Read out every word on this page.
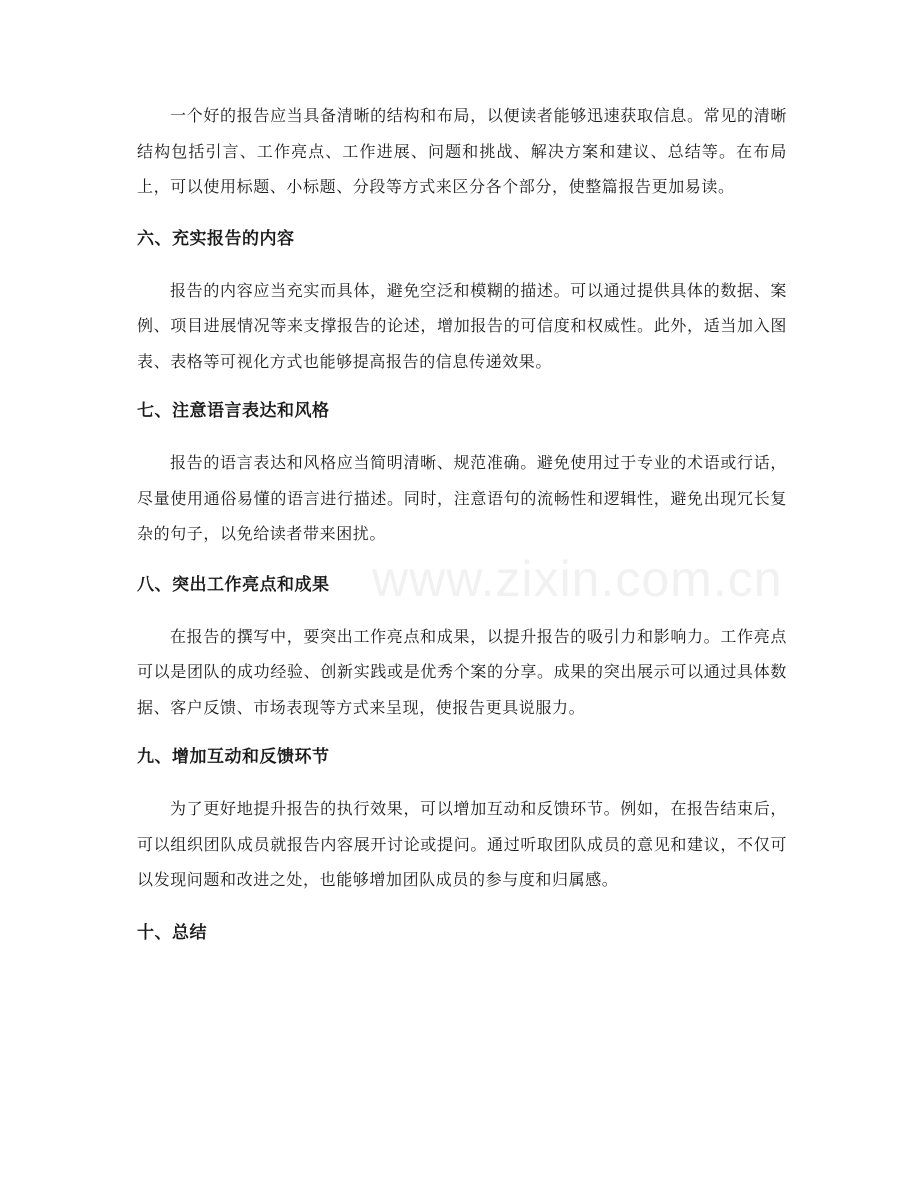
一个好的报告应当具备清晰的结构和布局，以便读者能够迅速获取信息。常见的清晰结构包括引言、工作亮点、工作进展、问题和挑战、解决方案和建议、总结等。在布局上，可以使用标题、小标题、分段等方式来区分各个部分，使整篇报告更加易读。

六、充实报告的内容

报告的内容应当充实而具体，避免空泛和模糊的描述。可以通过提供具体的数据、案例、项目进展情况等来支撑报告的论述，增加报告的可信度和权威性。此外，适当加入图表、表格等可视化方式也能够提高报告的信息传递效果。

七、注意语言表达和风格

报告的语言表达和风格应当简明清晰、规范准确。避免使用过于专业的术语或行话，尽量使用通俗易懂的语言进行描述。同时，注意语句的流畅性和逻辑性，避免出现冗长复杂的句子，以免给读者带来困扰。

八、突出工作亮点和成果

在报告的撰写中，要突出工作亮点和成果，以提升报告的吸引力和影响力。工作亮点可以是团队的成功经验、创新实践或是优秀个案的分享。成果的突出展示可以通过具体数据、客户反馈、市场表现等方式来呈现，使报告更具说服力。

九、增加互动和反馈环节

为了更好地提升报告的执行效果，可以增加互动和反馈环节。例如，在报告结束后，可以组织团队成员就报告内容展开讨论或提问。通过听取团队成员的意见和建议，不仅可以发现问题和改进之处，也能够增加团队成员的参与度和归属感。

十、总结

www.zixin.com.cn
